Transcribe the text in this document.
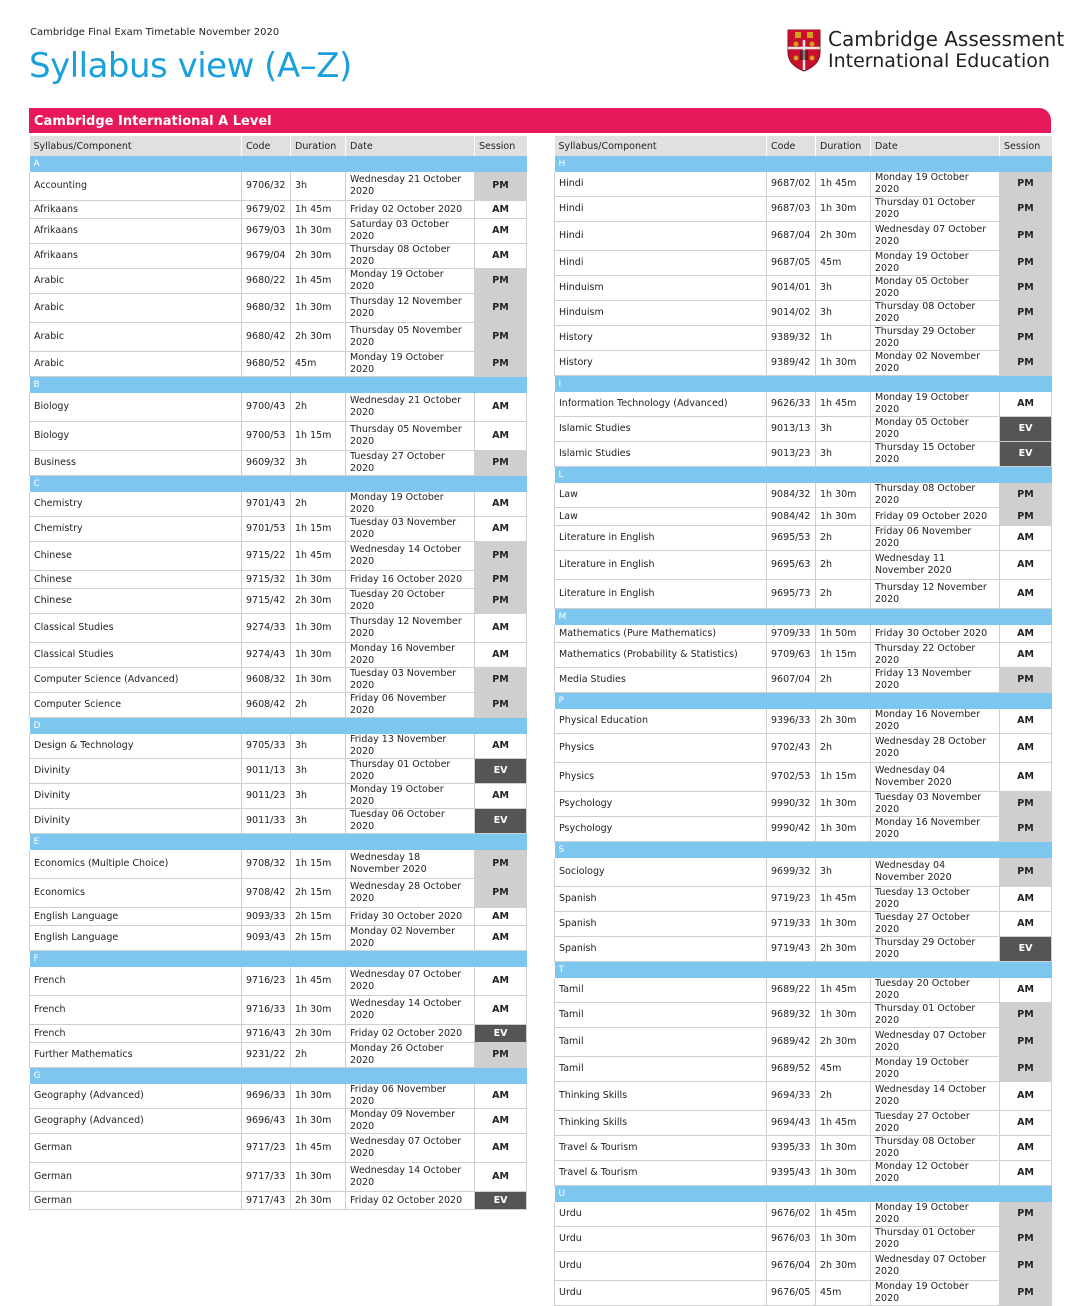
Cambridge Final Exam Timetable November 2020
Syllabus view (A–Z)
Cambridge Assessment
International Education
Cambridge International A Level
Syllabus/Component	Code	Duration	Date	Session
A				
Accounting	9706/32	3h	Wednesday 21 October 2020	PM
Afrikaans	9679/02	1h 45m	Friday 02 October 2020	AM
Afrikaans	9679/03	1h 30m	Saturday 03 October 2020	AM
Afrikaans	9679/04	2h 30m	Thursday 08 October 2020	AM
Arabic	9680/22	1h 45m	Monday 19 October 2020	PM
Arabic	9680/32	1h 30m	Thursday 12 November 2020	PM
Arabic	9680/42	2h 30m	Thursday 05 November 2020	PM
Arabic	9680/52	45m	Monday 19 October 2020	PM
B				
Biology	9700/43	2h	Wednesday 21 October 2020	AM
Biology	9700/53	1h 15m	Thursday 05 November 2020	AM
Business	9609/32	3h	Tuesday 27 October 2020	PM
C				
Chemistry	9701/43	2h	Monday 19 October 2020	AM
Chemistry	9701/53	1h 15m	Tuesday 03 November 2020	AM
Chinese	9715/22	1h 45m	Wednesday 14 October 2020	PM
Chinese	9715/32	1h 30m	Friday 16 October 2020	PM
Chinese	9715/42	2h 30m	Tuesday 20 October 2020	PM
Classical Studies	9274/33	1h 30m	Thursday 12 November 2020	AM
Classical Studies	9274/43	1h 30m	Monday 16 November 2020	AM
Computer Science (Advanced)	9608/32	1h 30m	Tuesday 03 November 2020	PM
Computer Science	9608/42	2h	Friday 06 November 2020	PM
D				
Design & Technology	9705/33	3h	Friday 13 November 2020	AM
Divinity	9011/13	3h	Thursday 01 October 2020	EV
Divinity	9011/23	3h	Monday 19 October 2020	AM
Divinity	9011/33	3h	Tuesday 06 October 2020	EV
E				
Economics (Multiple Choice)	9708/32	1h 15m	Wednesday 18 November 2020	PM
Economics	9708/42	2h 15m	Wednesday 28 October 2020	PM
English Language	9093/33	2h 15m	Friday 30 October 2020	AM
English Language	9093/43	2h 15m	Monday 02 November 2020	AM
F				
French	9716/23	1h 45m	Wednesday 07 October 2020	AM
French	9716/33	1h 30m	Wednesday 14 October 2020	AM
French	9716/43	2h 30m	Friday 02 October 2020	EV
Further Mathematics	9231/22	2h	Monday 26 October 2020	PM
G				
Geography (Advanced)	9696/33	1h 30m	Friday 06 November 2020	AM
Geography (Advanced)	9696/43	1h 30m	Monday 09 November 2020	AM
German	9717/23	1h 45m	Wednesday 07 October 2020	AM
German	9717/33	1h 30m	Wednesday 14 October 2020	AM
German	9717/43	2h 30m	Friday 02 October 2020	EV
Syllabus/Component	Code	Duration	Date	Session
H				
Hindi	9687/02	1h 45m	Monday 19 October 2020	PM
Hindi	9687/03	1h 30m	Thursday 01 October 2020	PM
Hindi	9687/04	2h 30m	Wednesday 07 October 2020	PM
Hindi	9687/05	45m	Monday 19 October 2020	PM
Hinduism	9014/01	3h	Monday 05 October 2020	PM
Hinduism	9014/02	3h	Thursday 08 October 2020	PM
History	9389/32	1h	Thursday 29 October 2020	PM
History	9389/42	1h 30m	Monday 02 November 2020	PM
I				
Information Technology (Advanced)	9626/33	1h 45m	Monday 19 October 2020	AM
Islamic Studies	9013/13	3h	Monday 05 October 2020	EV
Islamic Studies	9013/23	3h	Thursday 15 October 2020	EV
L				
Law	9084/32	1h 30m	Thursday 08 October 2020	PM
Law	9084/42	1h 30m	Friday 09 October 2020	PM
Literature in English	9695/53	2h	Friday 06 November 2020	AM
Literature in English	9695/63	2h	Wednesday 11 November 2020	AM
Literature in English	9695/73	2h	Thursday 12 November 2020	AM
M				
Mathematics (Pure Mathematics)	9709/33	1h 50m	Friday 30 October 2020	AM
Mathematics (Probability & Statistics)	9709/63	1h 15m	Thursday 22 October 2020	AM
Media Studies	9607/04	2h	Friday 13 November 2020	PM
P				
Physical Education	9396/33	2h 30m	Monday 16 November 2020	AM
Physics	9702/43	2h	Wednesday 28 October 2020	AM
Physics	9702/53	1h 15m	Wednesday 04 November 2020	AM
Psychology	9990/32	1h 30m	Tuesday 03 November 2020	PM
Psychology	9990/42	1h 30m	Monday 16 November 2020	PM
S				
Sociology	9699/32	3h	Wednesday 04 November 2020	PM
Spanish	9719/23	1h 45m	Tuesday 13 October 2020	AM
Spanish	9719/33	1h 30m	Tuesday 27 October 2020	AM
Spanish	9719/43	2h 30m	Thursday 29 October 2020	EV
T				
Tamil	9689/22	1h 45m	Tuesday 20 October 2020	AM
Tamil	9689/32	1h 30m	Thursday 01 October 2020	PM
Tamil	9689/42	2h 30m	Wednesday 07 October 2020	PM
Tamil	9689/52	45m	Monday 19 October 2020	PM
Thinking Skills	9694/33	2h	Wednesday 14 October 2020	AM
Thinking Skills	9694/43	1h 45m	Tuesday 27 October 2020	AM
Travel & Tourism	9395/33	1h 30m	Thursday 08 October 2020	AM
Travel & Tourism	9395/43	1h 30m	Monday 12 October 2020	AM
U				
Urdu	9676/02	1h 45m	Monday 19 October 2020	PM
Urdu	9676/03	1h 30m	Thursday 01 October 2020	PM
Urdu	9676/04	2h 30m	Wednesday 07 October 2020	PM
Urdu	9676/05	45m	Monday 19 October 2020	PM
